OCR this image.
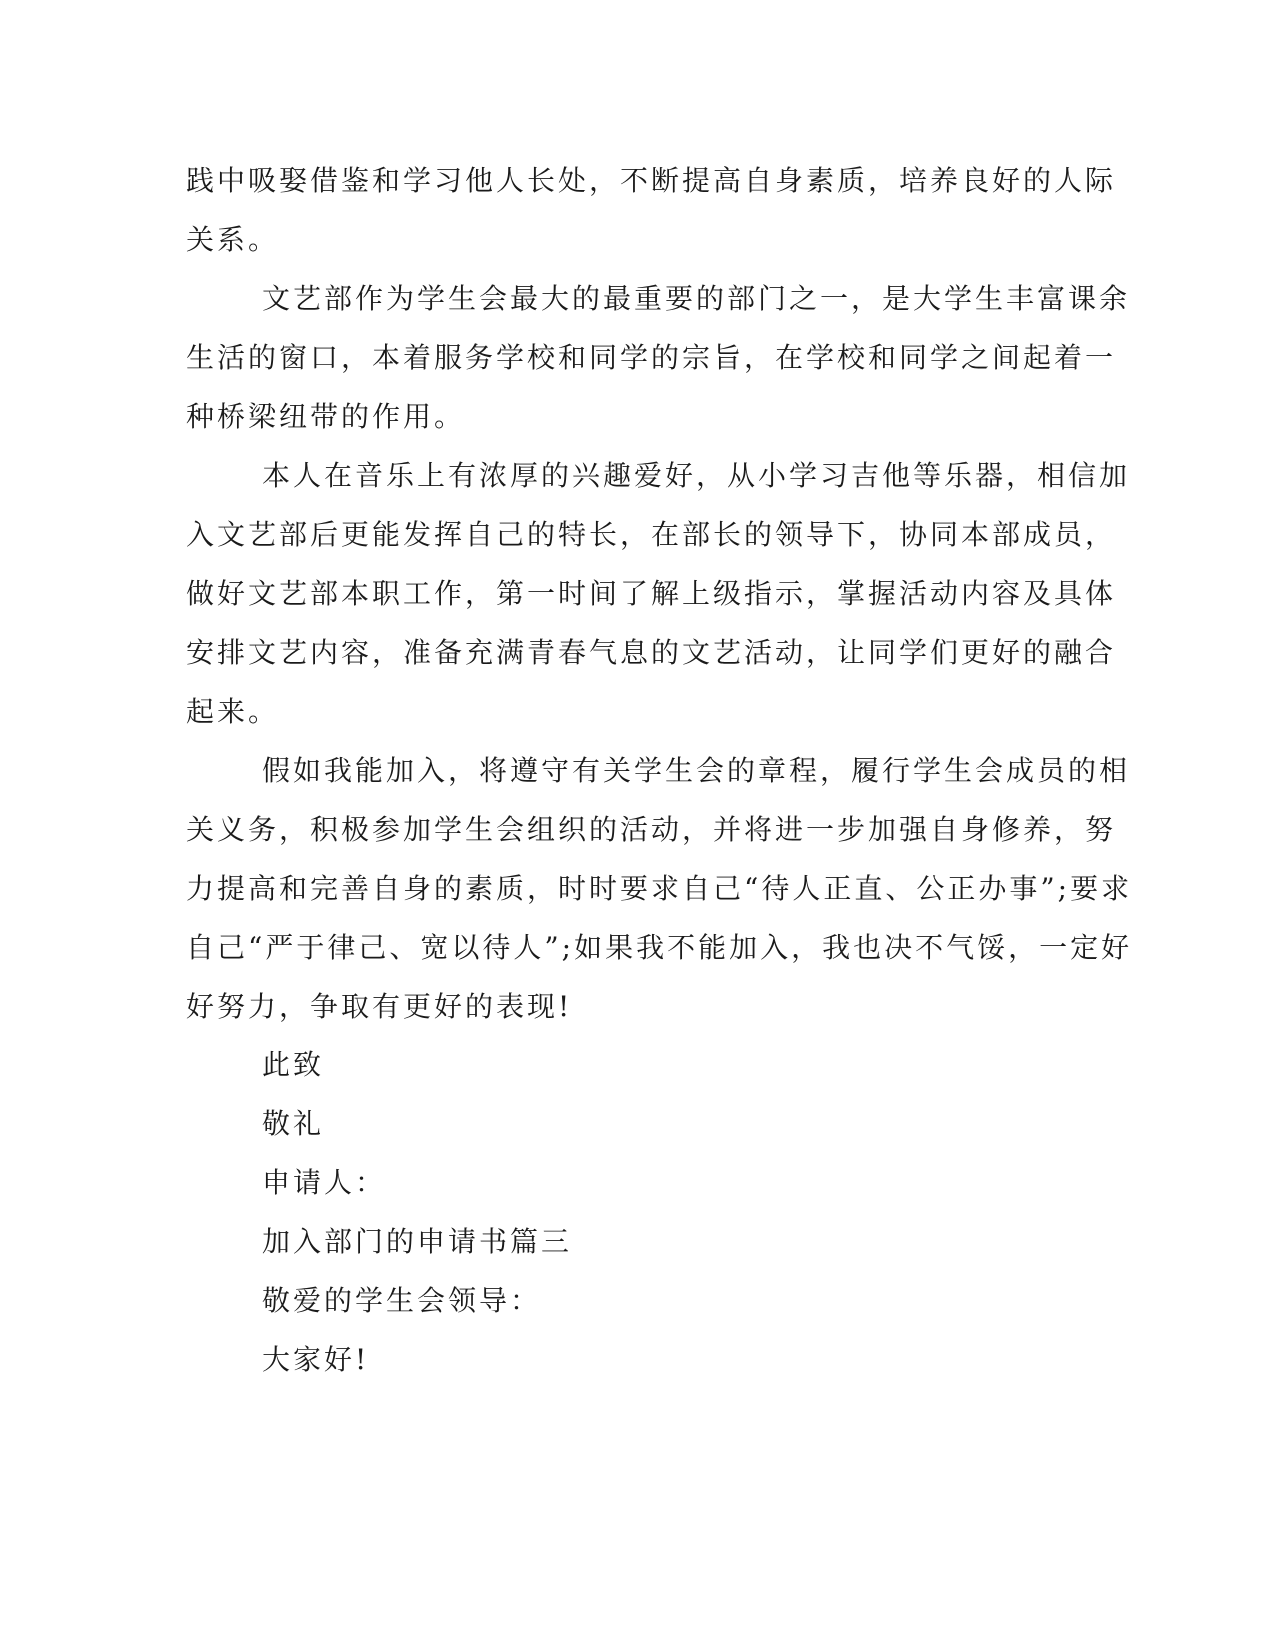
践中吸娶借鉴和学习他人长处，不断提高自身素质，培养良好的人际
关系。
文艺部作为学生会最大的最重要的部门之一，是大学生丰富课余
生活的窗口，本着服务学校和同学的宗旨，在学校和同学之间起着一
种桥梁纽带的作用。
本人在音乐上有浓厚的兴趣爱好，从小学习吉他等乐器，相信加
入文艺部后更能发挥自己的特长，在部长的领导下，协同本部成员，
做好文艺部本职工作，第一时间了解上级指示，掌握活动内容及具体
安排文艺内容，准备充满青春气息的文艺活动，让同学们更好的融合
起来。
假如我能加入，将遵守有关学生会的章程，履行学生会成员的相
关义务，积极参加学生会组织的活动，并将进一步加强自身修养，努
力提高和完善自身的素质，时时要求自己“待人正直、公正办事”;要求
自己“严于律己、宽以待人”;如果我不能加入，我也决不气馁，一定好
好努力，争取有更好的表现!
此致
敬礼
申请人：
加入部门的申请书篇三
敬爱的学生会领导：
大家好!
